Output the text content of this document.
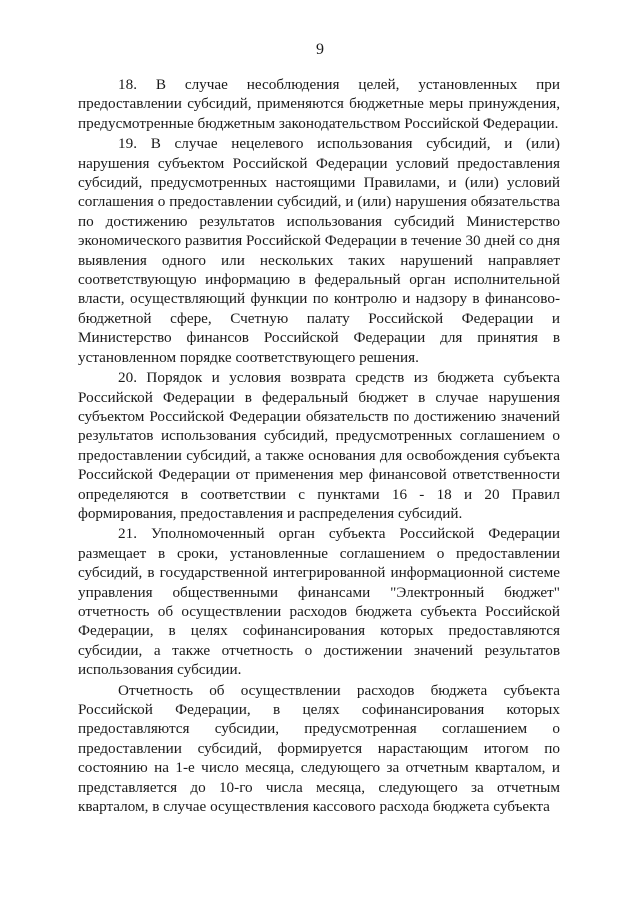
9

18. В случае несоблюдения целей, установленных при предоставлении субсидий, применяются бюджетные меры принуждения, предусмотренные бюджетным законодательством Российской Федерации.

19. В случае нецелевого использования субсидий, и (или) нарушения субъектом Российской Федерации условий предоставления субсидий, предусмотренных настоящими Правилами, и (или) условий соглашения о предоставлении субсидий, и (или) нарушения обязательства по достижению результатов использования субсидий Министерство экономического развития Российской Федерации в течение 30 дней со дня выявления одного или нескольких таких нарушений направляет соответствующую информацию в федеральный орган исполнительной власти, осуществляющий функции по контролю и надзору в финансово-бюджетной сфере, Счетную палату Российской Федерации и Министерство финансов Российской Федерации для принятия в установленном порядке соответствующего решения.

20. Порядок и условия возврата средств из бюджета субъекта Российской Федерации в федеральный бюджет в случае нарушения субъектом Российской Федерации обязательств по достижению значений результатов использования субсидий, предусмотренных соглашением о предоставлении субсидий, а также основания для освобождения субъекта Российской Федерации от применения мер финансовой ответственности определяются в соответствии с пунктами 16 - 18 и 20 Правил формирования, предоставления и распределения субсидий.

21. Уполномоченный орган субъекта Российской Федерации размещает в сроки, установленные соглашением о предоставлении субсидий, в государственной интегрированной информационной системе управления общественными финансами "Электронный бюджет" отчетность об осуществлении расходов бюджета субъекта Российской Федерации, в целях софинансирования которых предоставляются субсидии, а также отчетность о достижении значений результатов использования субсидии.

Отчетность об осуществлении расходов бюджета субъекта Российской Федерации, в целях софинансирования которых предоставляются субсидии, предусмотренная соглашением о предоставлении субсидий, формируется нарастающим итогом по состоянию на 1-е число месяца, следующего за отчетным кварталом, и представляется до 10-го числа месяца, следующего за отчетным кварталом, в случае осуществления кассового расхода бюджета субъекта
